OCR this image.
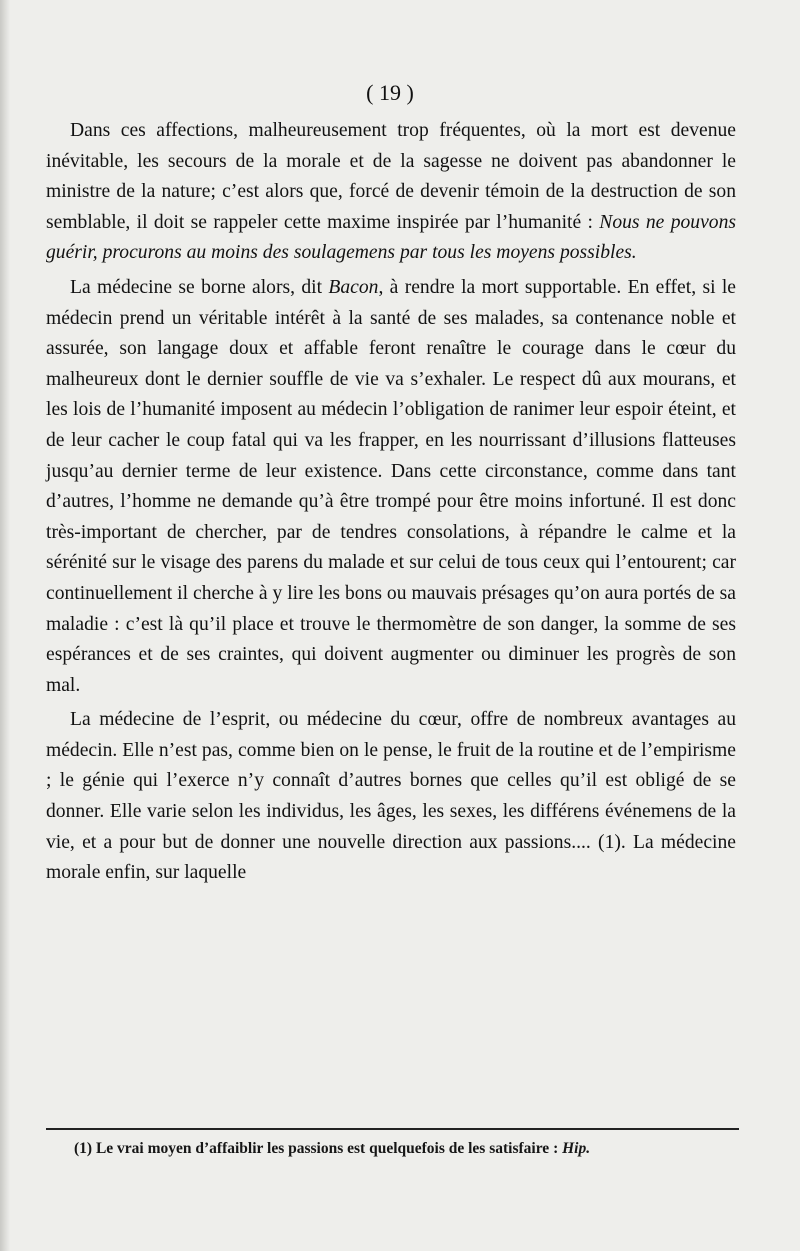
( 19 )

Dans ces affections, malheureusement trop fréquentes, où la mort est devenue inévitable, les secours de la morale et de la sagesse ne doivent pas abandonner le ministre de la nature; c’est alors que, forcé de devenir témoin de la destruction de son semblable, il doit se rappeler cette maxime inspirée par l’humanité : Nous ne pouvons guérir, procurons au moins des soulagemens par tous les moyens possibles.

La médecine se borne alors, dit Bacon, à rendre la mort supportable. En effet, si le médecin prend un véritable intérêt à la santé de ses malades, sa contenance noble et assurée, son langage doux et affable feront renaître le courage dans le cœur du malheureux dont le dernier souffle de vie va s’exhaler. Le respect dû aux mourans, et les lois de l’humanité imposent au médecin l’obligation de ranimer leur espoir éteint, et de leur cacher le coup fatal qui va les frapper, en les nourrissant d’illusions flatteuses jusqu’au dernier terme de leur existence. Dans cette circonstance, comme dans tant d’autres, l’homme ne demande qu’à être trompé pour être moins infortuné. Il est donc très-important de chercher, par de tendres consolations, à répandre le calme et la sérénité sur le visage des parens du malade et sur celui de tous ceux qui l’entourent; car continuellement il cherche à y lire les bons ou mauvais présages qu’on aura portés de sa maladie : c’est là qu’il place et trouve le thermomètre de son danger, la somme de ses espérances et de ses craintes, qui doivent augmenter ou diminuer les progrès de son mal.

La médecine de l’esprit, ou médecine du cœur, offre de nombreux avantages au médecin. Elle n’est pas, comme bien on le pense, le fruit de la routine et de l’empirisme ; le génie qui l’exerce n’y connaît d’autres bornes que celles qu’il est obligé de se donner. Elle varie selon les individus, les âges, les sexes, les différens événemens de la vie, et a pour but de donner une nouvelle direction aux passions.... (1). La médecine morale enfin, sur laquelle

(1) Le vrai moyen d’affaiblir les passions est quelquefois de les satisfaire : Hip.
